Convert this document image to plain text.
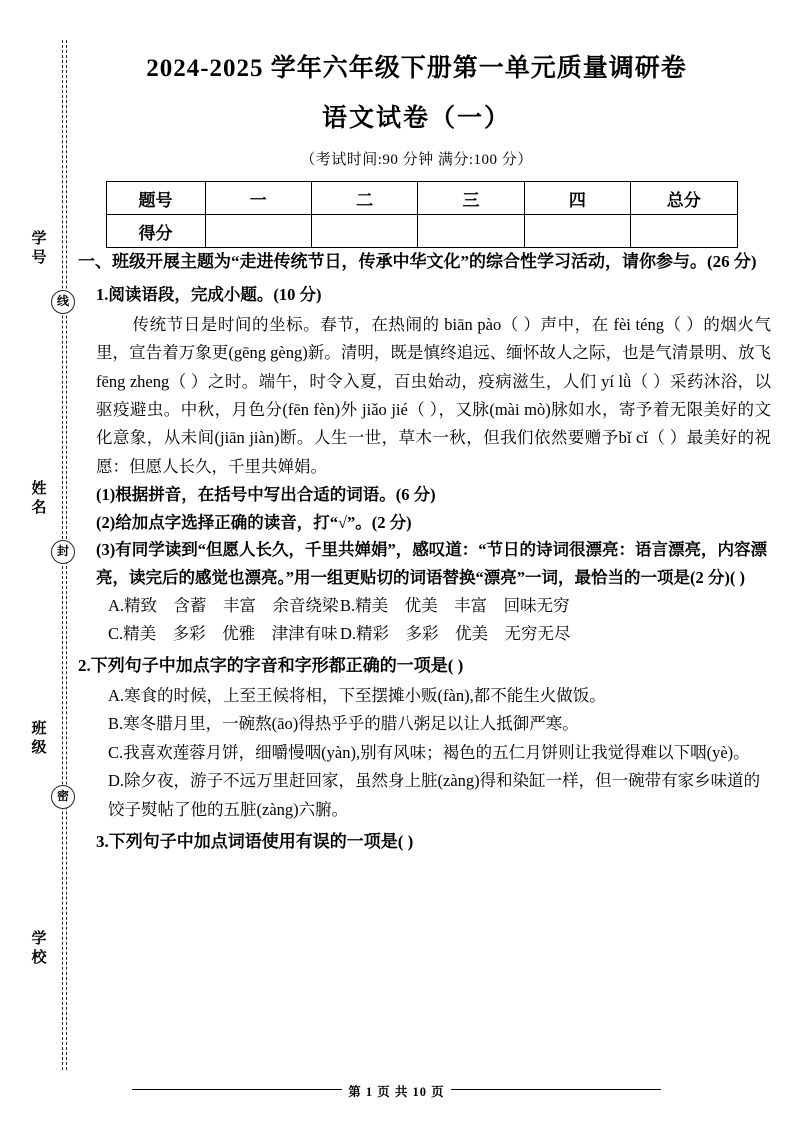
学 号
线
姓 名
封
班 级
密
学 校
2024-2025 学年六年级下册第一单元质量调研卷
语文试卷（一）
（考试时间:90 分钟 满分:100 分）
题号	一	二	三	四	总分
得分					
一、班级开展主题为“走进传统节日，传承中华文化”的综合性学习活动，请你参与。(26 分)
1.阅读语段，完成小题。(10 分)
传统节日是时间的坐标。春节，在热闹的 biān pào（ ）声中，在 fèi téng（ ）的烟火气里，宣告着万象更(gēng gèng)新。清明，既是慎终追远、缅怀故人之际，也是气清景明、放飞 fēng zheng（ ）之时。端午，时令入夏，百虫始动，疫病滋生，人们 yí lǜ（ ）采药沐浴，以驱疫避虫。中秋，月色分(fēn fèn)外 jiǎo jié（ ），又脉(mài mò)脉如水，寄予着无限美好的文化意象，从未间(jiān jiàn)断。人生一世，草木一秋，但我们依然要赠予bǐ cǐ（ ）最美好的祝愿：但愿人长久，千里共婵娟。
(1)根据拼音，在括号中写出合适的词语。(6 分)
(2)给加点字选择正确的读音，打“√”。(2 分)
(3)有同学读到“但愿人长久，千里共婵娟”，感叹道：“节日的诗词很漂亮：语言漂亮，内容漂亮，读完后的感觉也漂亮。”用一组更贴切的词语替换“漂亮”一词，最恰当的一项是(2 分)( )
A.精致　含蓄　丰富　余音绕梁 B.精美　优美　丰富　回味无穷
C.精美　多彩　优雅　津津有味 D.精彩　多彩　优美　无穷无尽
2.下列句子中加点字的字音和字形都正确的一项是( )
A.寒食的时候，上至王候将相，下至摆摊小贩(fàn),都不能生火做饭。
B.寒冬腊月里，一碗熬(āo)得热乎乎的腊八粥足以让人抵御严寒。
C.我喜欢莲蓉月饼，细嚼慢咽(yàn),别有风味；褐色的五仁月饼则让我觉得难以下咽(yè)。
D.除夕夜，游子不远万里赶回家，虽然身上脏(zàng)得和染缸一样，但一碗带有家乡味道的饺子熨帖了他的五脏(zàng)六腑。
3.下列句子中加点词语使用有误的一项是( )
第 1 页 共 10 页
